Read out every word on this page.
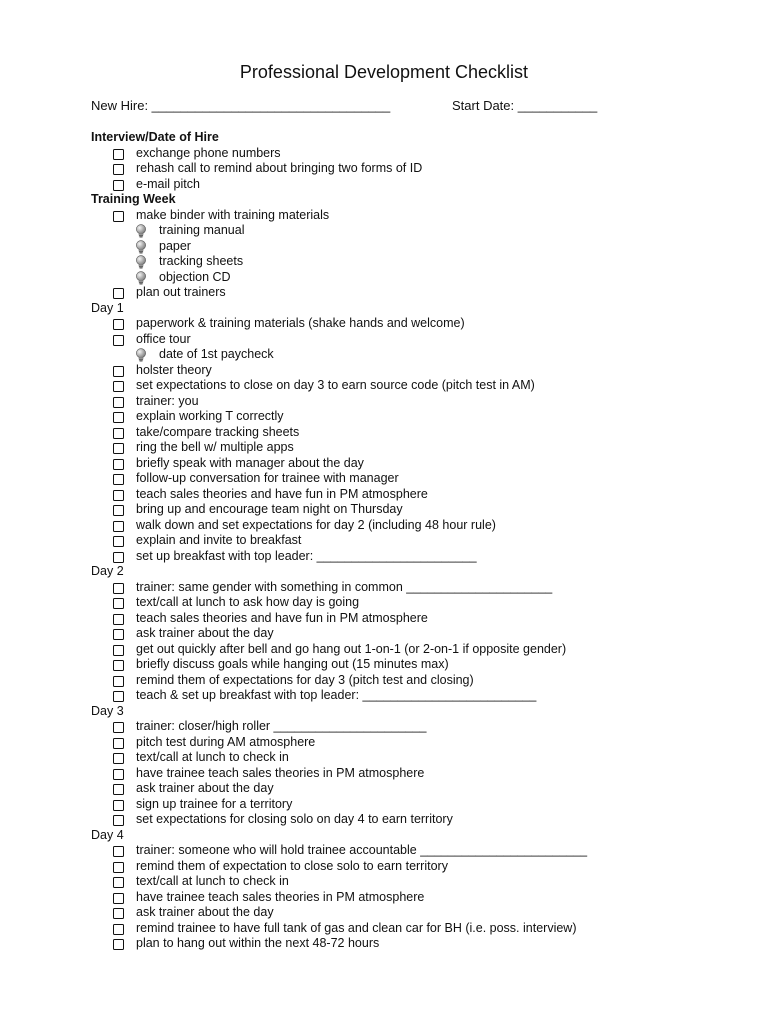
Professional Development Checklist
New Hire: _________________________________	Start Date: ___________
Interview/Date of Hire
exchange phone numbers
rehash call to remind about bringing two forms of ID
e-mail pitch
Training Week
make binder with training materials
training manual
paper
tracking sheets
objection CD
plan out trainers
Day 1
paperwork & training materials (shake hands and welcome)
office tour
date of 1st paycheck
holster theory
set expectations to close on day 3 to earn source code (pitch test in AM)
trainer: you
explain working T correctly
take/compare tracking sheets
ring the bell w/ multiple apps
briefly speak with manager about the day
follow-up conversation for trainee with manager
teach sales theories and have fun in PM atmosphere
bring up and encourage team night on Thursday
walk down and set expectations for day 2 (including 48 hour rule)
explain and invite to breakfast
set up breakfast with top leader: _______________________
Day 2
trainer: same gender with something in common _____________________
text/call at lunch to ask how day is going
teach sales theories and have fun in PM atmosphere
ask trainer about the day
get out quickly after bell and go hang out 1-on-1 (or 2-on-1 if opposite gender)
briefly discuss goals while hanging out (15 minutes max)
remind them of expectations for day 3 (pitch test and closing)
teach & set up breakfast with top leader: _________________________
Day 3
trainer: closer/high roller ______________________
pitch test during AM atmosphere
text/call at lunch to check in
have trainee teach sales theories in PM atmosphere
ask trainer about the day
sign up trainee for a territory
set expectations for closing solo on day 4 to earn territory
Day 4
trainer: someone who will hold trainee accountable ________________________
remind them of expectation to close solo to earn territory
text/call at lunch to check in
have trainee teach sales theories in PM atmosphere
ask trainer about the day
remind trainee to have full tank of gas and clean car for BH (i.e. poss. interview)
plan to hang out within the next 48-72 hours
